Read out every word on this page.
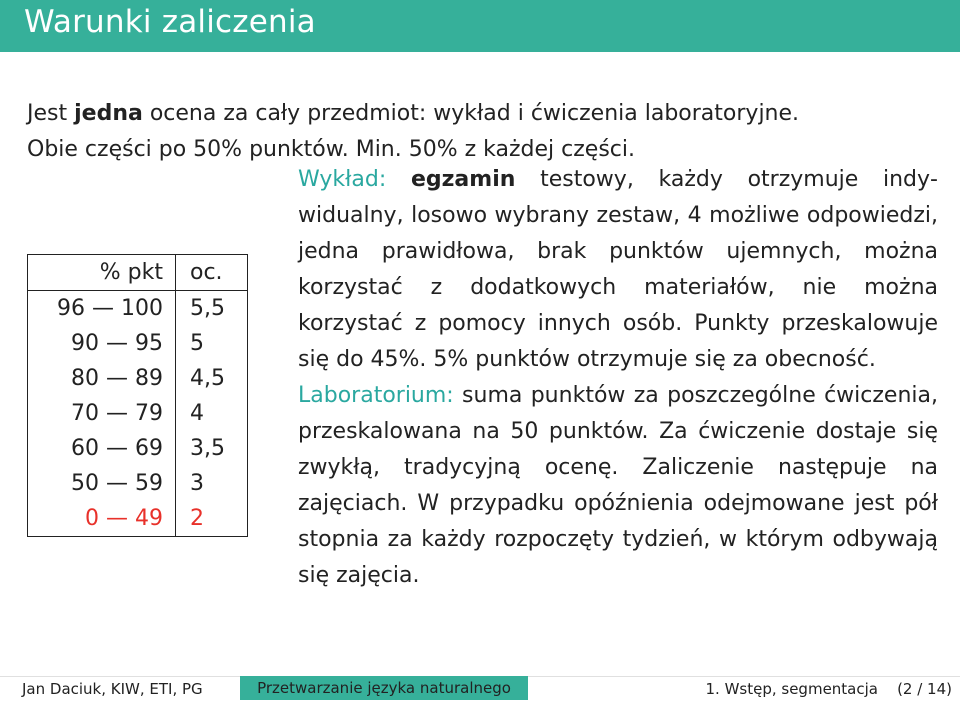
Warunki zaliczenia
Jest jedna ocena za cały przedmiot: wykład i ćwiczenia laboratoryjne.
Obie części po 50% punktów. Min. 50% z każdej części.
% pkt	oc.
96 — 100	5,5
90 — 95	5
80 — 89	4,5
70 — 79	4
60 — 69	3,5
50 — 59	3
0 — 49	2

Wykład: egzamin testowy, każdy otrzymuje indywidualny, losowo wybrany zestaw, 4 możliwe odpowiedzi, jedna prawidłowa, brak punktów ujemnych, można korzystać z dodatkowych materiałów, nie można korzystać z pomocy innych osób. Punkty przeskalowuje się do 45%. 5% punktów otrzymuje się za obecność.

Laboratorium: suma punktów za poszczególne ćwiczenia, przeskalowana na 50 punktów. Za ćwiczenie dostaje się zwykłą, tradycyjną ocenę. Zaliczenie następuje na zajęciach. W przypadku opóźnienia odejmowane jest pół stopnia za każdy rozpoczęty tydzień, w którym odbywają się zajęcia.

Jan Daciuk, KIW, ETI, PG	Przetwarzanie języka naturalnego	1. Wstęp, segmentacja (2 / 14)
